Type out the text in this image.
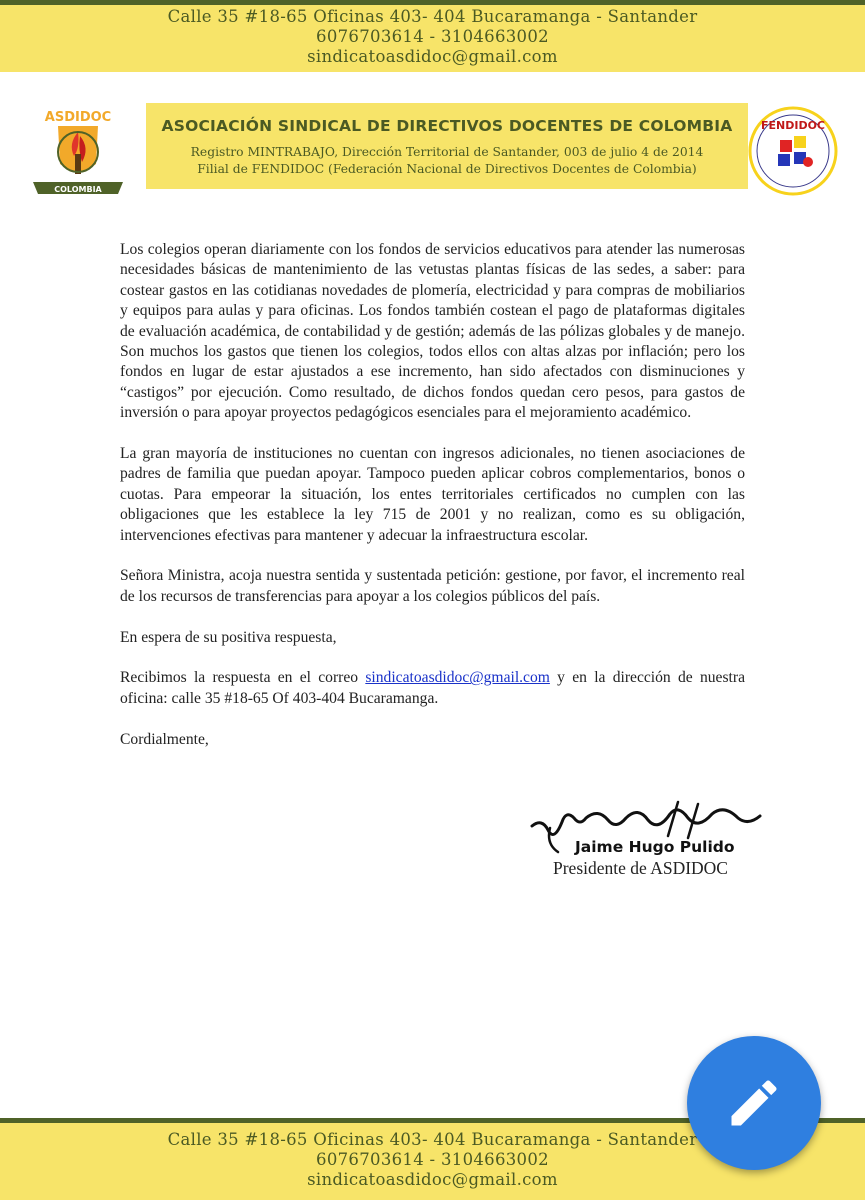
Calle 35 #18-65 Oficinas 403- 404 Bucaramanga - Santander
6076703614 - 3104663002
sindicatoasdidoc@gmail.com
ASDIDOC
COLOMBIA
ASOCIACIÓN SINDICAL DE DIRECTIVOS DOCENTES DE COLOMBIA
Registro MINTRABAJO, Dirección Territorial de Santander, 003 de julio 4 de 2014
Filial de FENDIDOC (Federación Nacional de Directivos Docentes de Colombia)
FENDIDOC

Los colegios operan diariamente con los fondos de servicios educativos para atender las numerosas necesidades básicas de mantenimiento de las vetustas plantas físicas de las sedes, a saber: para costear gastos en las cotidianas novedades de plomería, electricidad y para compras de mobiliarios y equipos para aulas y para oficinas. Los fondos también costean el pago de plataformas digitales de evaluación académica, de contabilidad y de gestión; además de las pólizas globales y de manejo. Son muchos los gastos que tienen los colegios, todos ellos con altas alzas por inflación; pero los fondos en lugar de estar ajustados a ese incremento, han sido afectados con disminuciones y “castigos” por ejecución. Como resultado, de dichos fondos quedan cero pesos, para gastos de inversión o para apoyar proyectos pedagógicos esenciales para el mejoramiento académico.

La gran mayoría de instituciones no cuentan con ingresos adicionales, no tienen asociaciones de padres de familia que puedan apoyar. Tampoco pueden aplicar cobros complementarios, bonos o cuotas. Para empeorar la situación, los entes territoriales certificados no cumplen con las obligaciones que les establece la ley 715 de 2001 y no realizan, como es su obligación, intervenciones efectivas para mantener y adecuar la infraestructura escolar.

Señora Ministra, acoja nuestra sentida y sustentada petición: gestione, por favor, el incremento real de los recursos de transferencias para apoyar a los colegios públicos del país.

En espera de su positiva respuesta,

Recibimos la respuesta en el correo sindicatoasdidoc@gmail.com y en la dirección de nuestra oficina: calle 35 #18-65 Of 403-404 Bucaramanga.

Cordialmente,

Jaime Hugo Pulido
Presidente de ASDIDOC
Calle 35 #18-65 Oficinas 403- 404 Bucaramanga - Santander
6076703614 - 3104663002
sindicatoasdidoc@gmail.com
